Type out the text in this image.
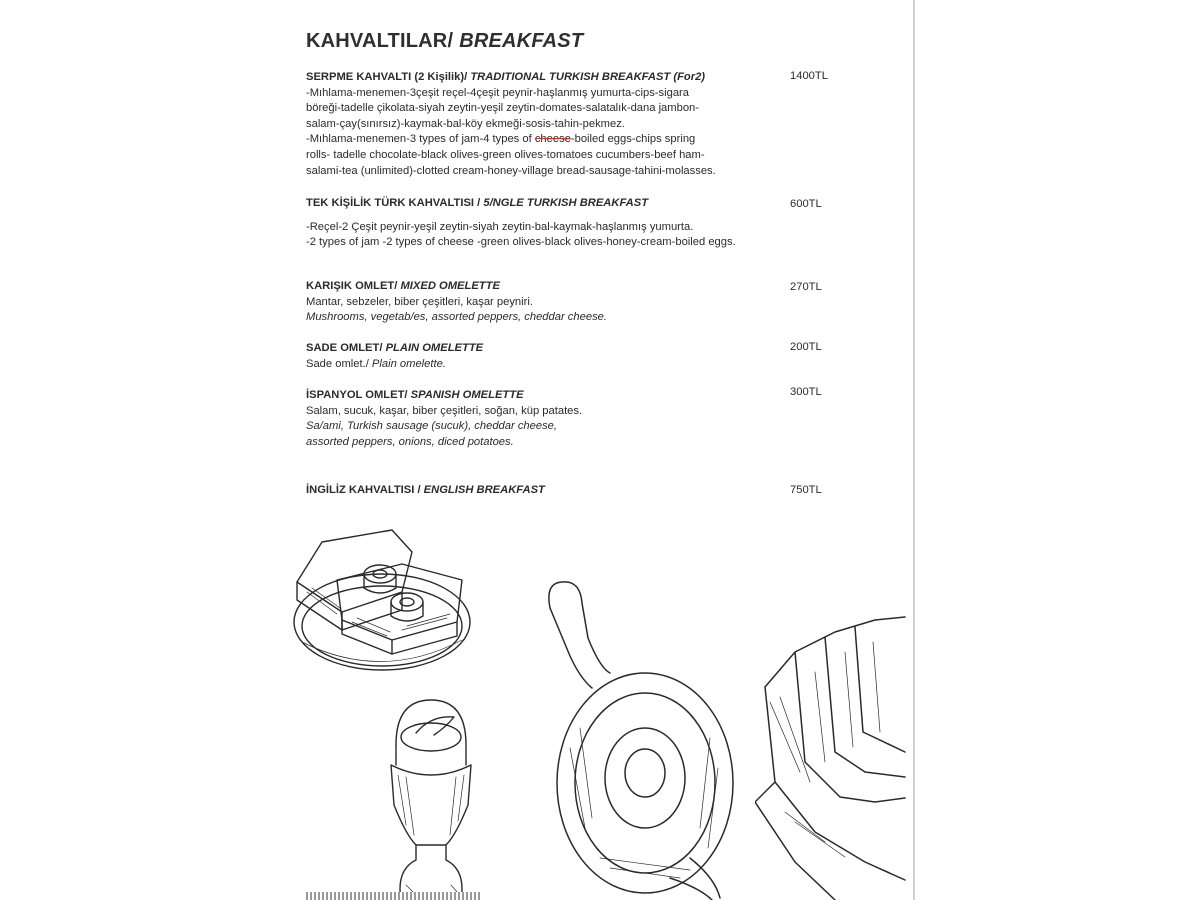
KAHVALTILAR/ BREAKFAST
SERPME KAHVALTI (2 Kişilik)/ TRADITIONAL TURKISH BREAKFAST (For2)
-Mıhlama-menemen-3çeşit reçel-4çeşit peynir-haşlanmış yumurta-cips-sigara
böreği-tadelle çikolata-siyah zeytin-yeşil zeytin-domates-salatalık-dana jambon-
salam-çay(sınırsız)-kaymak-bal-köy ekmeği-sosis-tahin-pekmez.
-Mıhlama-menemen-3 types of jam-4 types of cheese-boiled eggs-chips spring
rolls- tadelle chocolate-black olives-green olives-tomatoes cucumbers-beef ham-
salami-tea (unlimited)-clotted cream-honey-village bread-sausage-tahini-molasses.
1400TL
TEK KİŞİLİK TÜRK KAHVALTISI / 5/NGLE TURKISH BREAKFAST
-Reçel-2 Çeşit peynir-yeşil zeytin-siyah zeytin-bal-kaymak-haşlanmış yumurta.
-2 types of jam -2 types of cheese -green olives-black olives-honey-cream-boiled eggs.
600TL
KARIŞIK OMLET/ MIXED OMELETTE
Mantar, sebzeler, biber çeşitleri, kaşar peyniri.
Mushrooms, vegetab/es, assorted peppers, cheddar cheese.
270TL
SADE OMLET/ PLAIN OMELETTE
Sade omlet./ Plain omelette.
200TL
İSPANYOL OMLET/ SPANISH OMELETTE
Salam, sucuk, kaşar, biber çeşitleri, soğan, küp patates.
Sa/ami, Turkish sausage (sucuk), cheddar cheese,
assorted peppers, onions, diced potatoes.
300TL
İNGİLİZ KAHVALTISI / ENGLISH BREAKFAST	750TL
